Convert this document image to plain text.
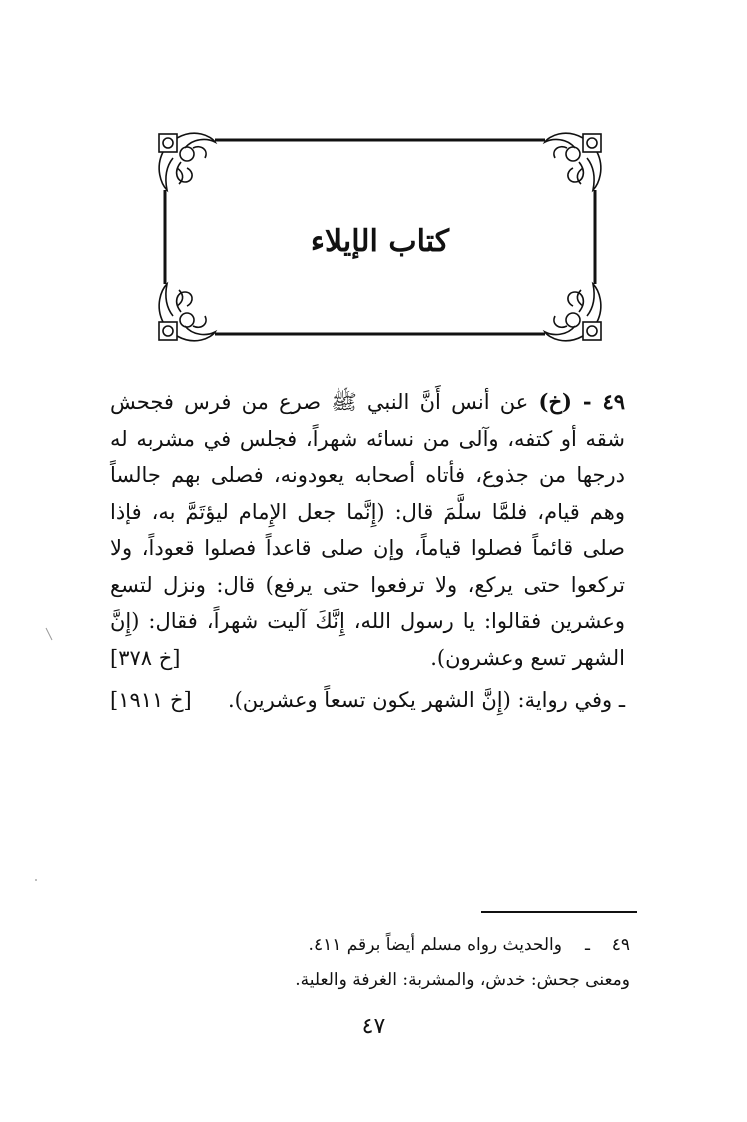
كتاب الإيلاء

٤٩ - (خ) عن أنس أَنَّ النبي ﷺ صرع من فرس فجحش شقه أو كتفه، وآلى من نسائه شهراً، فجلس في مشربه له درجها من جذوع، فأتاه أصحابه يعودونه، فصلى بهم جالساً وهم قيام، فلمَّا سلَّمَ قال: (إِنَّما جعل الإِمام ليؤتَمَّ به، فإذا صلى قائماً فصلوا قياماً، وإن صلى قاعداً فصلوا قعوداً، ولا تركعوا حتى يركع، ولا ترفعوا حتى يرفع) قال: ونزل لتسع وعشرين فقالوا: يا رسول الله، إِنَّكَ آليت شهراً، فقال: (إِنَّ الشهر تسع وعشرون).
[خ ٣٧٨]

ـ وفي رواية: (إِنَّ الشهر يكون تسعاً وعشرين).
[خ ١٩١١]

٤٩ـوالحديث رواه مسلم أيضاً برقم ٤١١.

ومعنى جحش: خدش، والمشربة: الغرفة والعلية.

٤٧
